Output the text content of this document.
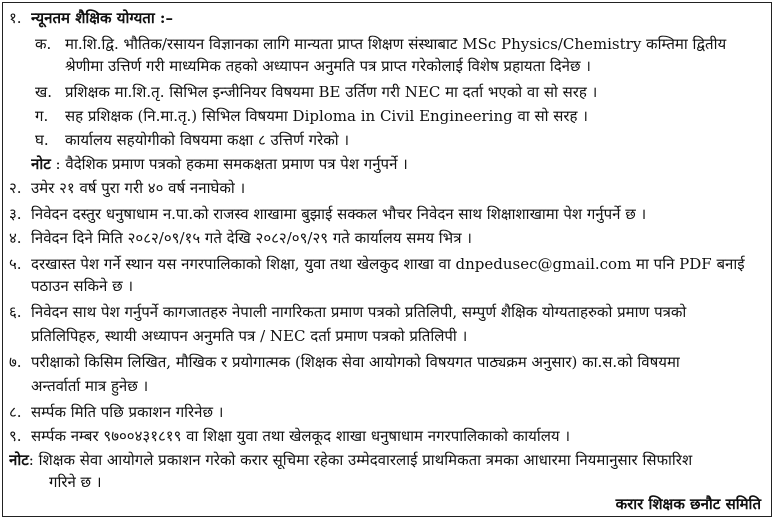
१. न्यूनतम शैक्षिक योग्यता :–
क. मा.शि.द्वि. भौतिक/रसायन विज्ञानका लागि मान्यता प्राप्त शिक्षण संस्थाबाट MSc Physics/Chemistry कम्तिमा द्वितीय
श्रेणीमा उत्तिर्ण गरी माध्यमिक तहको अध्यापन अनुमति पत्र प्राप्त गरेकोलाई विशेष प्रहायता दिनेछ ।
ख. प्रशिक्षक मा.शि.तृ. सिभिल इन्जीनियर विषयमा BE उर्तिण गरी NEC मा दर्ता भएको वा सो सरह ।
ग.	सह प्रशिक्षक (नि.मा.तृ.) सिभिल विषयमा Diploma in Civil Engineering वा सो सरह ।
घ.	कार्यालय सहयोगीको विषयमा कक्षा ८ उत्तिर्ण गरेको ।
नोट : वैदेशिक प्रमाण पत्रको हकमा समकक्षता प्रमाण पत्र पेश गर्नुपर्ने ।
२. उमेर २१ वर्ष पुरा गरी ४० वर्ष ननाघेको ।
३. निवेदन दस्तुर धनुषाधाम न.पा.को राजस्व शाखामा बुझाई सक्कल भौचर निवेदन साथ शिक्षाशाखामा पेश गर्नुपर्ने छ ।
४. निवेदन दिने मिति २०८२/०९/१५ गते देखि २०८२/०९/२९ गते कार्यालय समय भित्र ।
५. दरखास्त पेश गर्ने स्थान यस नगरपालिकाको शिक्षा, युवा तथा खेलकुद शाखा वा dnpedusec@gmail.com मा पनि PDF बनाई
पठाउन सकिने छ ।
६. निवेदन साथ पेश गर्नुपर्ने कागजातहरु नेपाली नागरिकता प्रमाण पत्रको प्रतिलिपी, सम्पुर्ण शैक्षिक योग्यताहरुको प्रमाण पत्रको
प्रतिलिपिहरु, स्थायी अध्यापन अनुमति पत्र / NEC दर्ता प्रमाण पत्रको प्रतिलिपी ।
७. परीक्षाको किसिम लिखित, मौखिक र प्रयोगात्मक (शिक्षक सेवा आयोगको विषयगत पाठ्यक्रम अनुसार) का.स.को विषयमा
अन्तर्वार्ता मात्र हुनेछ ।
८. सर्म्पक मिति पछि प्रकाशन गरिनेछ ।
९. सर्म्पक नम्बर ९७००४३१८१९ वा शिक्षा युवा तथा खेलकूद शाखा धनुषाधाम नगरपालिकाको कार्यालय ।
नोट: शिक्षक सेवा आयोगले प्रकाशन गरेको करार सूचिमा रहेका उम्मेदवारलाई प्राथमिकता त्रमका आधारमा नियमानुसार सिफारिश
गरिने छ ।
करार शिक्षक छनौट समिति
